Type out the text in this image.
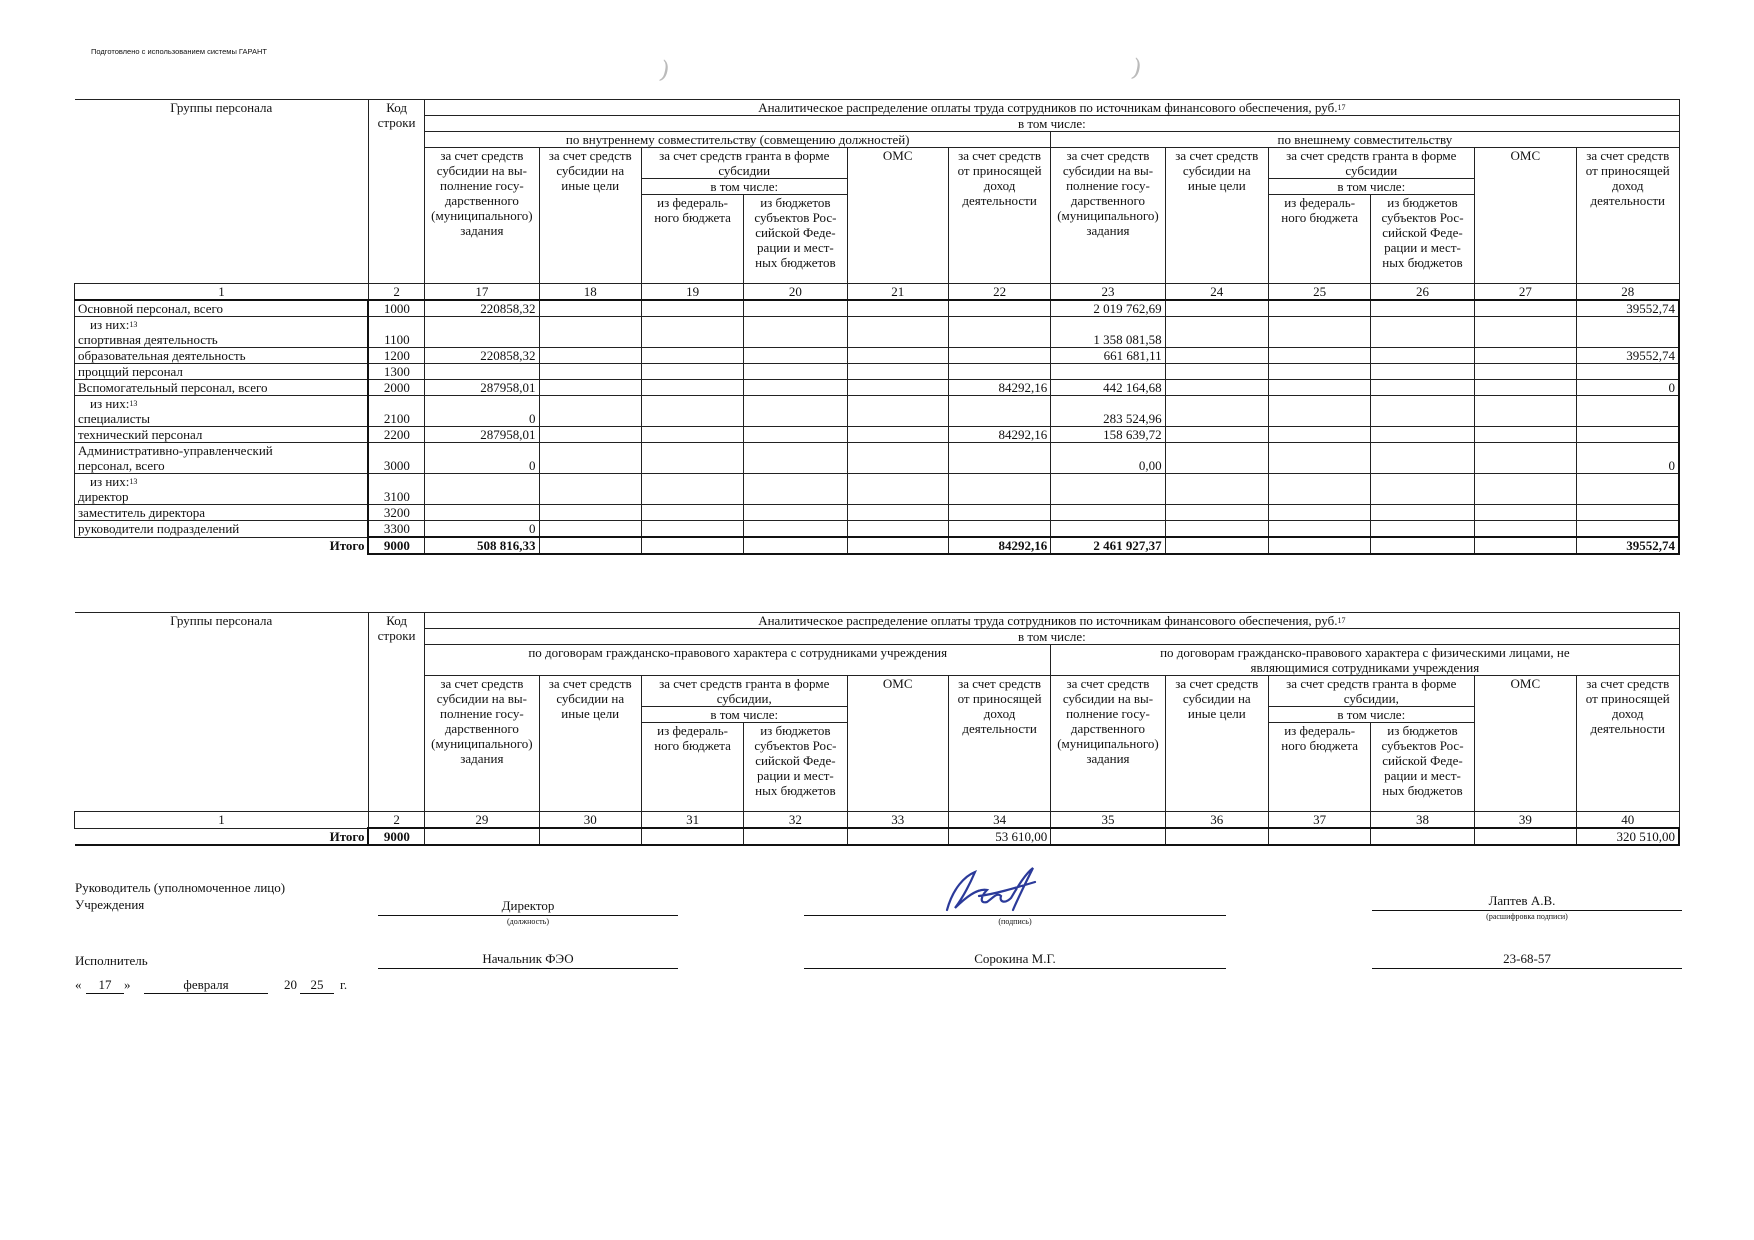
Подготовлено с использованием системы ГАРАНТ
)	)
Группы персонала	Код строки	Аналитическое распределение оплаты труда сотрудников по источникам финансового обеспечения, руб.$^{17}$
		в том числе:											
		по внутреннему совместительству (совмещению должностей)						по внешнему совместительству					
		за счет средств субсидии на вы-полнение госу-дарственного (муниципального) задания	за счет средств субсидии на иные цели	за счет средств гранта в форме субсидии		ОМС	за счет средств от приносящей доход деятельности	за счет средств субсидии на вы-полнение госу-дарственного (муниципального) задания	за счет средств субсидии на иные цели	за счет средств гранта в форме субсидии		ОМС	за счет средств от приносящей доход деятельности
				в том числе:						в том числе:			
				из федераль-ного бюджета	из бюджетов субъектов Рос-сийской Феде-рации и мест-ных бюджетов					из федераль-ного бюджета	из бюджетов субъектов Рос-сийской Феде-рации и мест-ных бюджетов		
1	2	17	18	19	20	21	22	23	24	25	26	27	28
Основной персонал, всего	1000	220858,32						2 019 762,69					39552,74

из них:$^{13}$
спортивная деятельность	1100							1 358 081,58					
образовательная деятельность	1200	220858,32						661 681,11					39552,74
процщий персонал	1300												
Вспомогательный персонал, всего	2000	287958,01					84292,16	442 164,68					0

из них:$^{13}$
специалисты	2100	0						283 524,96					
технический персонал	2200	287958,01					84292,16	158 639,72					

Административно-управленческий
персонал, всего	3000	0						0,00					0

из них:$^{13}$
директор	3100												
заместитель директора	3200												
руководители подразделений	3300	0											
Итого	9000	508 816,33					84292,16	2 461 927,37					39552,74
Группы персонала	Код строки	Аналитическое распределение оплаты труда сотрудников по источникам финансового обеспечения, руб.$^{17}$
		в том числе:											
		по договорам гражданско-правового характера с сотрудниками учреждения						по договорам гражданско-правового характера с физическими лицами, не являющимися сотрудниками учреждения					
		за счет средств субсидии на вы-полнение госу-дарственного (муниципального) задания	за счет средств субсидии на иные цели	за счет средств гранта в форме субсидии,		ОМС	за счет средств от приносящей доход деятельности	за счет средств субсидии на вы-полнение госу-дарственного (муниципального) задания	за счет средств субсидии на иные цели	за счет средств гранта в форме субсидии,		ОМС	за счет средств от приносящей доход деятельности
				в том числе:						в том числе:			
				из федераль-ного бюджета	из бюджетов субъектов Рос-сийской Феде-рации и мест-ных бюджетов					из федераль-ного бюджета	из бюджетов субъектов Рос-сийской Феде-рации и мест-ных бюджетов		
1	2	29	30	31	32	33	34	35	36	37	38	39	40
Итого	9000						53 610,00						320 510,00
Руководитель (уполномоченное лицо)
Учреждения	Директор
(должность)	(подпись)
Лаптев А.В.
(расшифровка подписи)
Исполнитель	Начальник ФЭО	Сорокина М.Г.	23-68-57
«	17 »	февраля	20	25	г.
